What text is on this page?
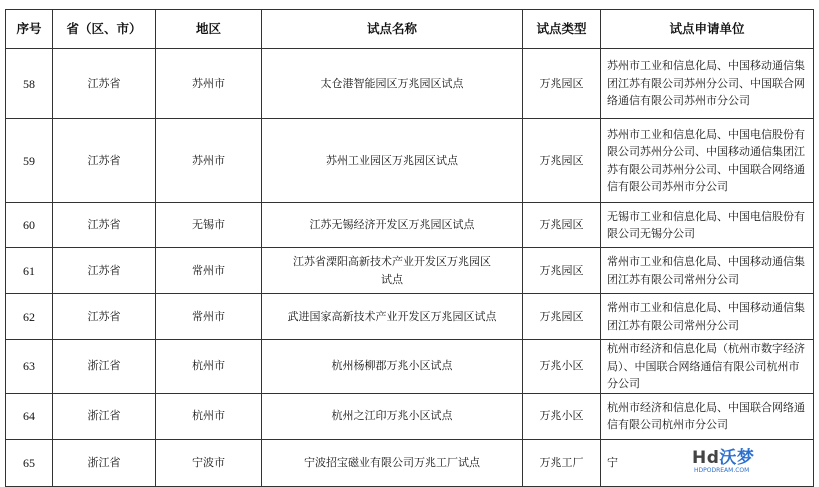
序号	省（区、市）	地区	试点名称	试点类型	试点申请单位
58	江苏省	苏州市	太仓港智能园区万兆园区试点	万兆园区	苏州市工业和信息化局、中国移动通信集团江苏有限公司苏州分公司、中国联合网络通信有限公司苏州市分公司
59	江苏省	苏州市	苏州工业园区万兆园区试点	万兆园区	苏州市工业和信息化局、中国电信股份有限公司苏州分公司、中国移动通信集团江苏有限公司苏州分公司、中国联合网络通信有限公司苏州市分公司
60	江苏省	无锡市	江苏无锡经济开发区万兆园区试点	万兆园区	无锡市工业和信息化局、中国电信股份有限公司无锡分公司
61	江苏省	常州市	江苏省溧阳高新技术产业开发区万兆园区试点	万兆园区	常州市工业和信息化局、中国移动通信集团江苏有限公司常州分公司
62	江苏省	常州市	武进国家高新技术产业开发区万兆园区试点	万兆园区	常州市工业和信息化局、中国移动通信集团江苏有限公司常州分公司
63	浙江省	杭州市	杭州杨柳郡万兆小区试点	万兆小区	杭州市经济和信息化局（杭州市数字经济局）、中国联合网络通信有限公司杭州市分公司
64	浙江省	杭州市	杭州之江印万兆小区试点	万兆小区	杭州市经济和信息化局、中国联合网络通信有限公司杭州市分公司
65	浙江省	宁波市	宁波招宝磁业有限公司万兆工厂试点	万兆工厂	宁	Hd沃梦
HDPODREAM.COM
